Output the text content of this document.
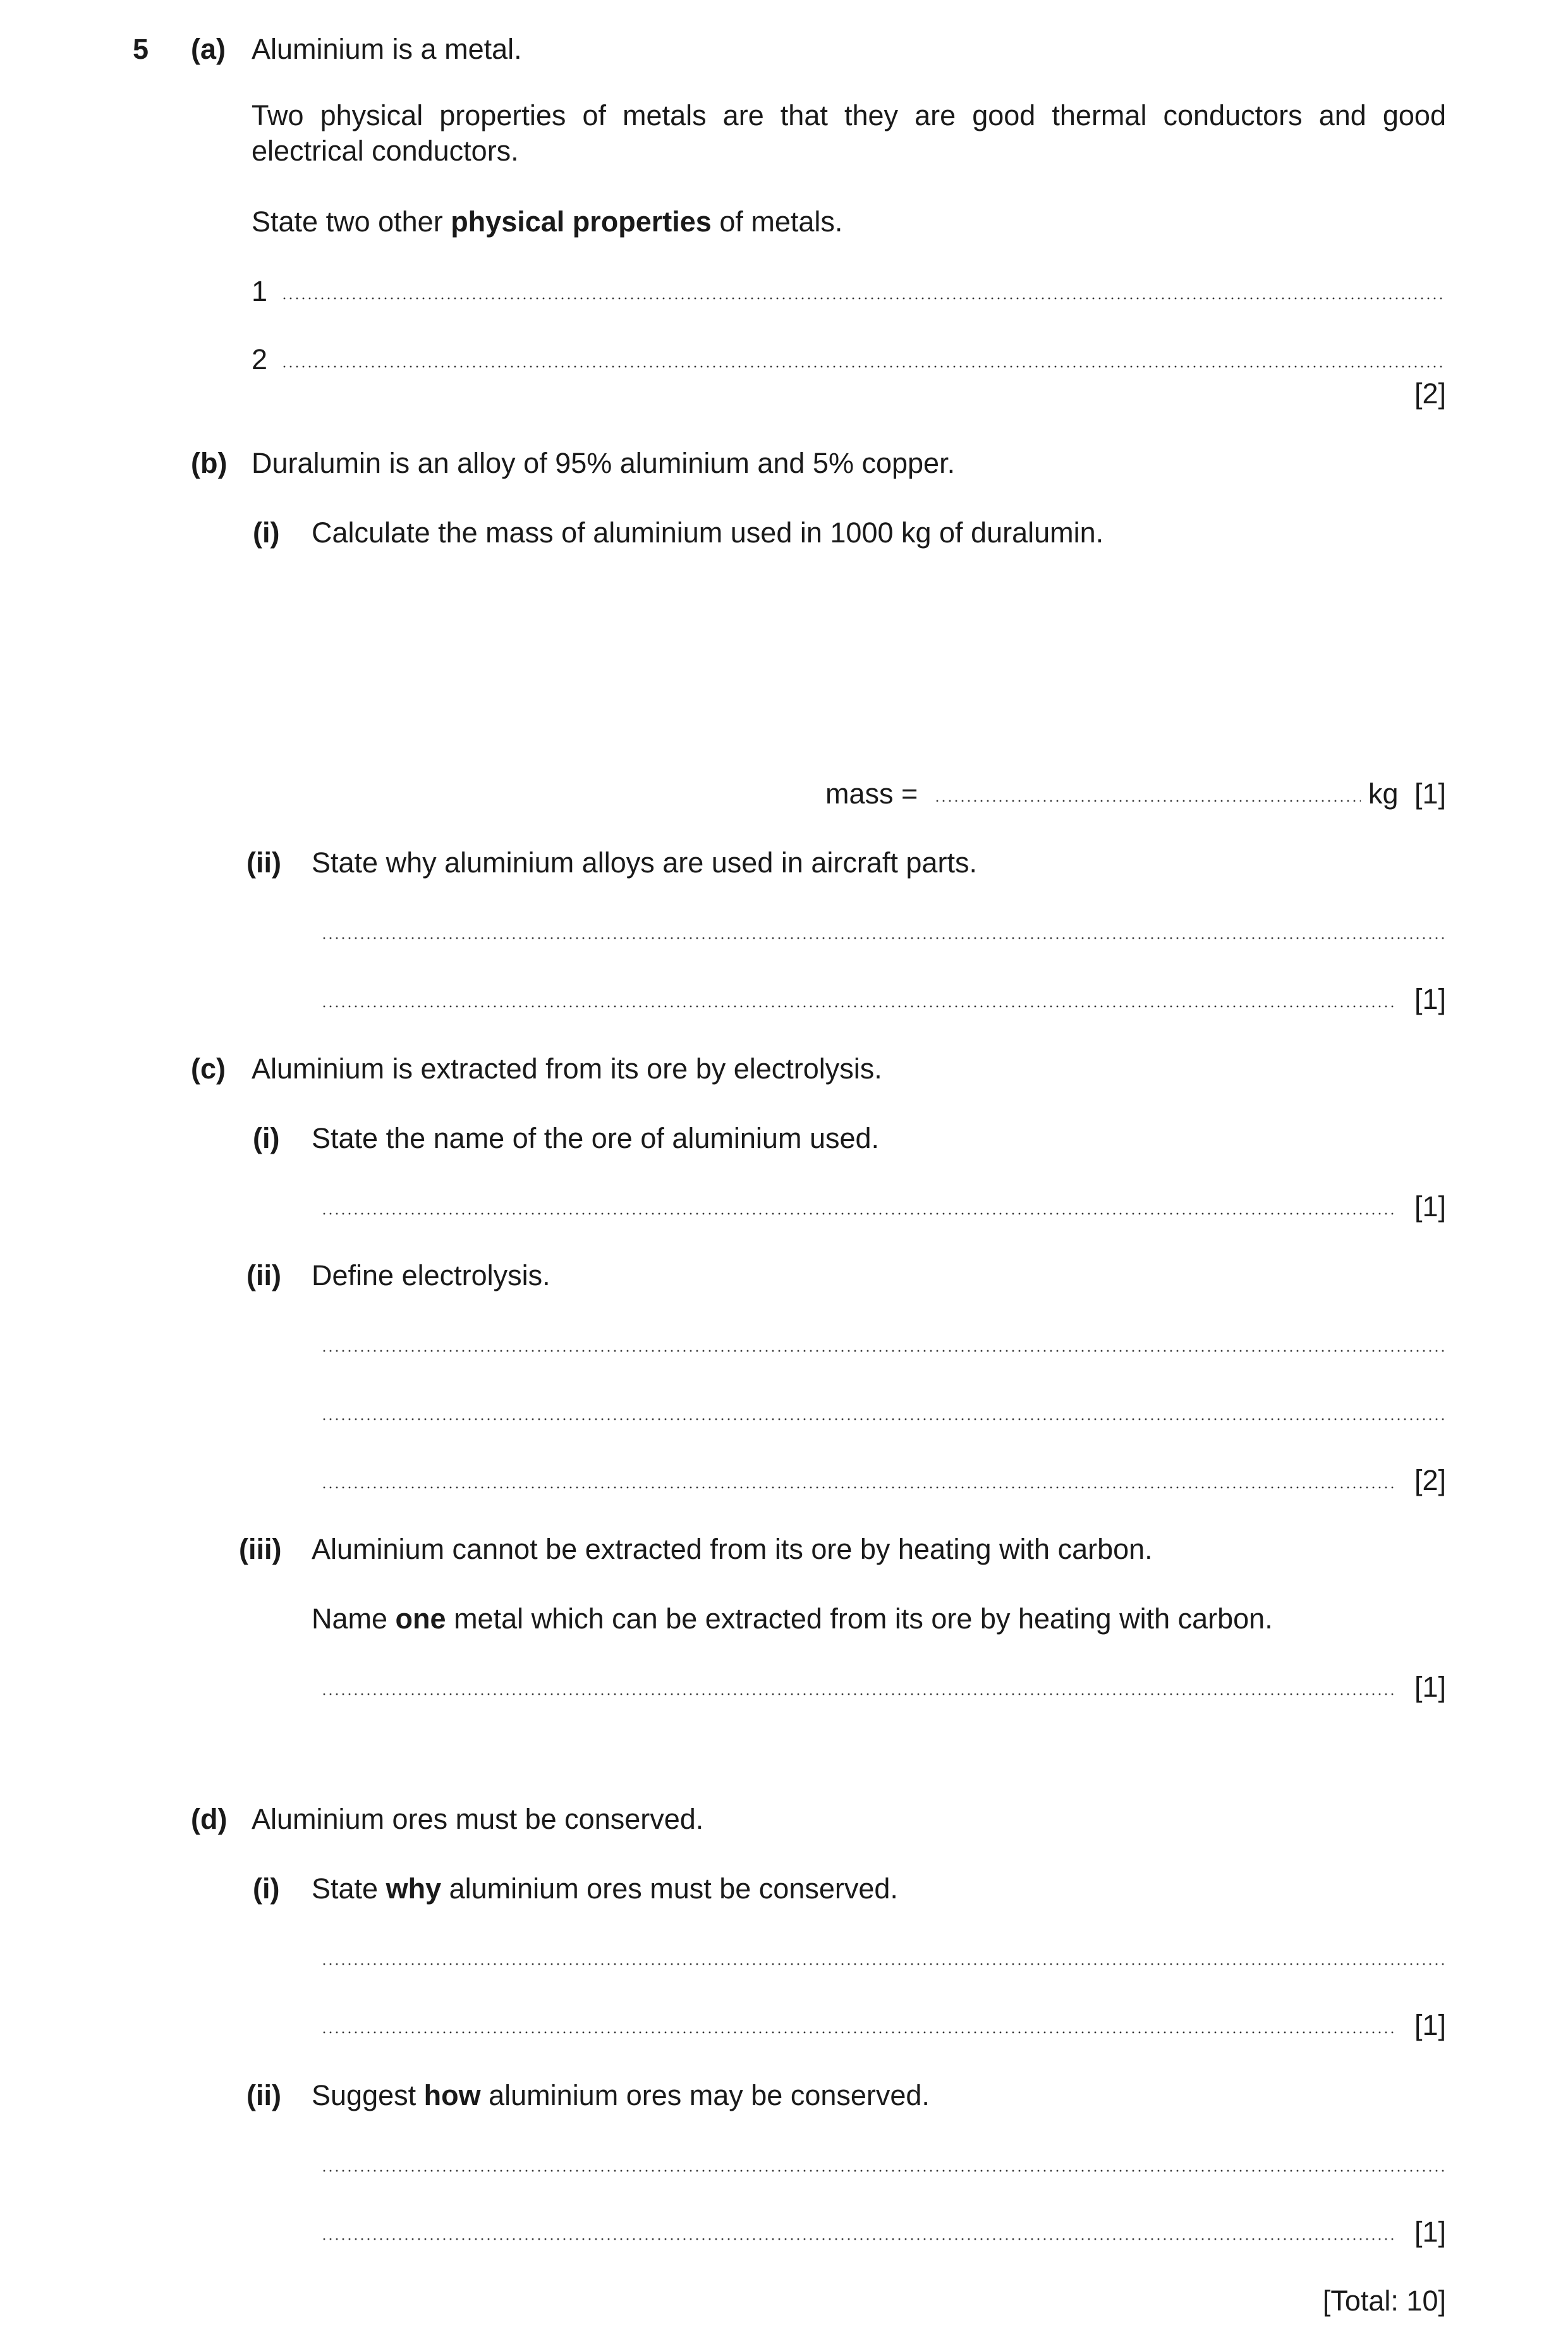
5 (a) Aluminium is a metal.
Two physical properties of metals are that they are good thermal conductors and good electrical conductors.
State two other physical properties of metals.
1
2
[2]
(b) Duralumin is an alloy of 95% aluminium and 5% copper.
(i) Calculate the mass of aluminium used in 1000 kg of duralumin.
mass =	kg [1]
(ii) State why aluminium alloys are used in aircraft parts.
[1]
(c) Aluminium is extracted from its ore by electrolysis.
(i) State the name of the ore of aluminium used.
[1]
(ii) Define electrolysis.
[2]
(iii) Aluminium cannot be extracted from its ore by heating with carbon.
Name one metal which can be extracted from its ore by heating with carbon.
[1]
(d) Aluminium ores must be conserved.
(i) State why aluminium ores must be conserved.
[1]
(ii) Suggest how aluminium ores may be conserved.
[1]
[Total: 10]
